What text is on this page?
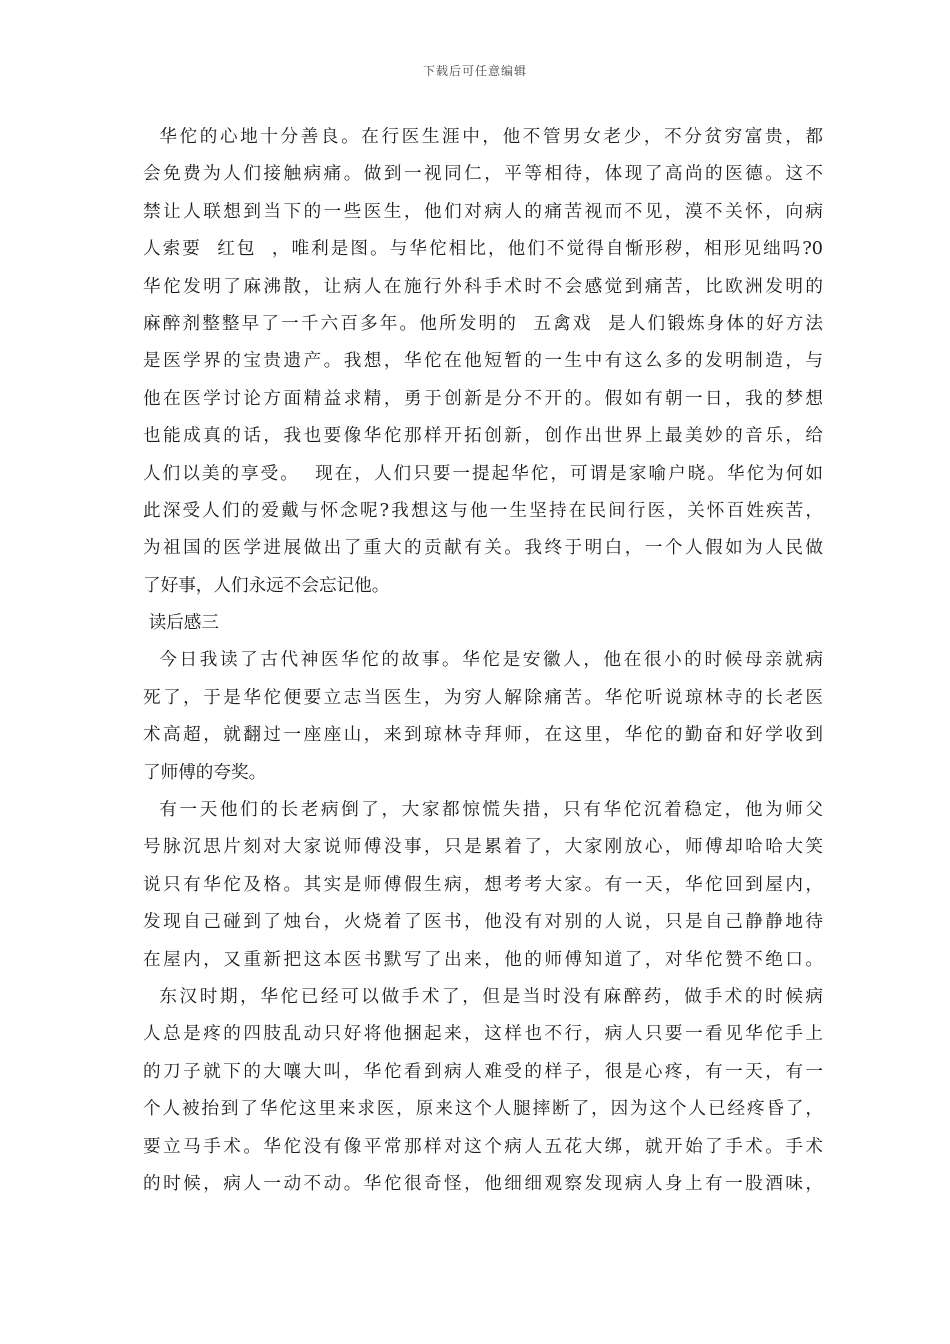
下载后可任意编辑
华佗的心地十分善良。在行医生涯中，他不管男女老少，不分贫穷富贵，都
会免费为人们接触病痛。做到一视同仁，平等相待，体现了高尚的医德。这不
禁让人联想到当下的一些医生，他们对病人的痛苦视而不见，漠不关怀，向病
人索要  红包  ，唯利是图。与华佗相比，他们不觉得自惭形秽，相形见绌吗?0
华佗发明了麻沸散，让病人在施行外科手术时不会感觉到痛苦，比欧洲发明的
麻醉剂整整早了一千六百多年。他所发明的  五禽戏  是人们锻炼身体的好方法
是医学界的宝贵遗产。我想，华佗在他短暂的一生中有这么多的发明制造，与
他在医学讨论方面精益求精，勇于创新是分不开的。假如有朝一日，我的梦想
也能成真的话，我也要像华佗那样开拓创新，创作出世界上最美妙的音乐，给
人们以美的享受。  现在，人们只要一提起华佗，可谓是家喻户晓。华佗为何如
此深受人们的爱戴与怀念呢?我想这与他一生坚持在民间行医，关怀百姓疾苦，
为祖国的医学进展做出了重大的贡献有关。我终于明白，一个人假如为人民做
了好事，人们永远不会忘记他。
读后感三
今日我读了古代神医华佗的故事。华佗是安徽人，他在很小的时候母亲就病
死了，于是华佗便要立志当医生，为穷人解除痛苦。华佗听说琼林寺的长老医
术高超，就翻过一座座山，来到琼林寺拜师，在这里，华佗的勤奋和好学收到
了师傅的夸奖。
有一天他们的长老病倒了，大家都惊慌失措，只有华佗沉着稳定，他为师父
号脉沉思片刻对大家说师傅没事，只是累着了，大家刚放心，师傅却哈哈大笑
说只有华佗及格。其实是师傅假生病，想考考大家。有一天，华佗回到屋内，
发现自己碰到了烛台，火烧着了医书，他没有对别的人说，只是自己静静地待
在屋内，又重新把这本医书默写了出来，他的师傅知道了，对华佗赞不绝口。
东汉时期，华佗已经可以做手术了，但是当时没有麻醉药，做手术的时候病
人总是疼的四肢乱动只好将他捆起来，这样也不行，病人只要一看见华佗手上
的刀子就下的大嚷大叫，华佗看到病人难受的样子，很是心疼，有一天，有一
个人被抬到了华佗这里来求医，原来这个人腿摔断了，因为这个人已经疼昏了，
要立马手术。华佗没有像平常那样对这个病人五花大绑，就开始了手术。手术
的时候，病人一动不动。华佗很奇怪，他细细观察发现病人身上有一股酒味，
